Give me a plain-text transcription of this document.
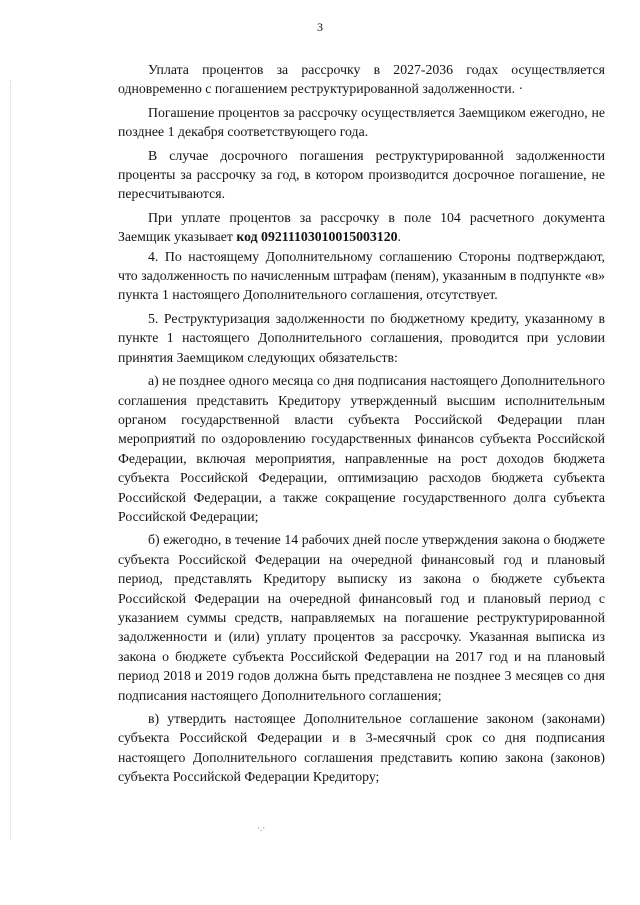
3

Уплата процентов за рассрочку в 2027-2036 годах осуществляется одновременно с погашением реструктурированной задолженности. ·

Погашение процентов за рассрочку осуществляется Заемщиком ежегодно, не позднее 1 декабря соответствующего года.

В случае досрочного погашения реструктурированной задолженности проценты за рассрочку за год, в котором производится досрочное погашение, не пересчитываются.

При уплате процентов за рассрочку в поле 104 расчетного документа Заемщик указывает код 09211103010015003120.

4. По настоящему Дополнительному соглашению Стороны подтверждают, что задолженность по начисленным штрафам (пеням), указанным в подпункте «в» пункта 1 настоящего Дополнительного соглашения, отсутствует.

5. Реструктуризация задолженности по бюджетному кредиту, указанному в пункте 1 настоящего Дополнительного соглашения, проводится при условии принятия Заемщиком следующих обязательств:

а) не позднее одного месяца со дня подписания настоящего Дополнительного соглашения представить Кредитору утвержденный высшим исполнительным органом государственной власти субъекта Российской Федерации план мероприятий по оздоровлению государственных финансов субъекта Российской Федерации, включая мероприятия, направленные на рост доходов бюджета субъекта Российской Федерации, оптимизацию расходов бюджета субъекта Российской Федерации, а также сокращение государственного долга субъекта Российской Федерации;

б) ежегодно, в течение 14 рабочих дней после утверждения закона о бюджете субъекта Российской Федерации на очередной финансовый год и плановый период, представлять Кредитору выписку из закона о бюджете субъекта Российской Федерации на очередной финансовый год и плановый период с указанием суммы средств, направляемых на погашение реструктурированной задолженности и (или) уплату процентов за рассрочку. Указанная выписка из закона о бюджете субъекта Российской Федерации на 2017 год и на плановый период 2018 и 2019 годов должна быть представлена не позднее 3 месяцев со дня подписания настоящего Дополнительного соглашения;

в) утвердить настоящее Дополнительное соглашение законом (законами) субъекта Российской Федерации и в 3-месячный срок со дня подписания настоящего Дополнительного соглашения представить копию закона (законов) субъекта Российской Федерации Кредитору;

·.·
